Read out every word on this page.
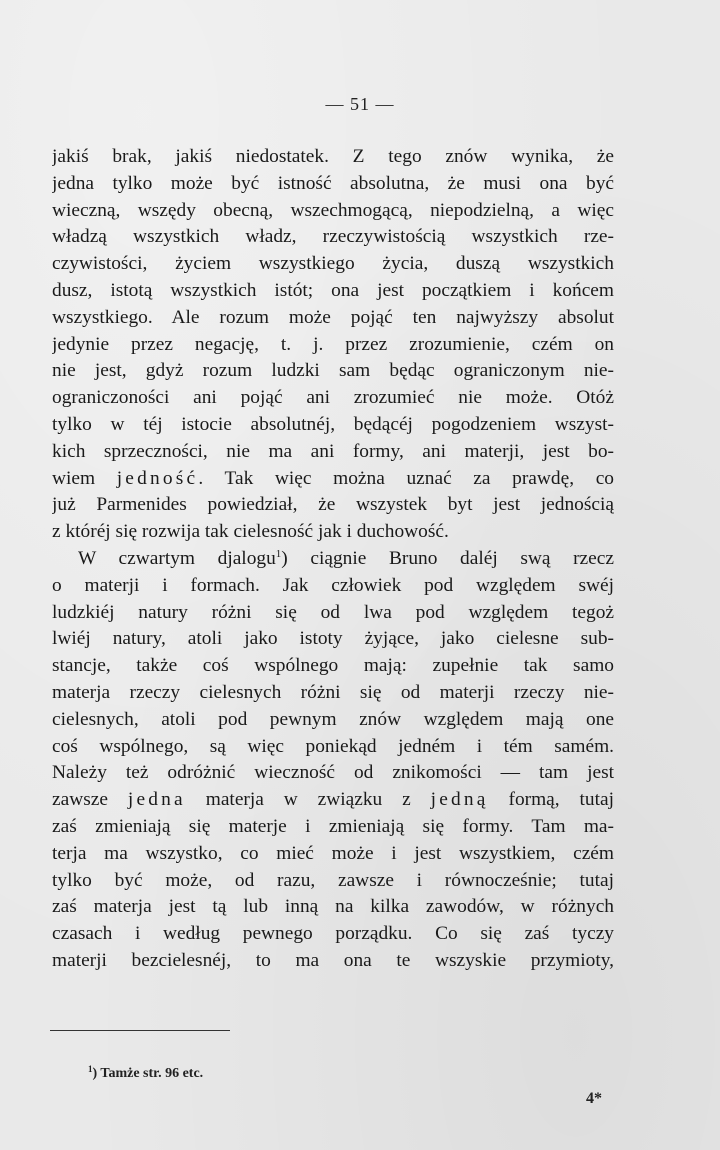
— 51 —
jakiś brak, jakiś niedostatek. Z tego znów wynika, że
jedna tylko może być istność absolutna, że musi ona być
wieczną, wszędy obecną, wszechmogącą, niepodzielną, a więc
władzą wszystkich władz, rzeczywistością wszystkich rze-
czywistości, życiem wszystkiego życia, duszą wszystkich
dusz, istotą wszystkich istót; ona jest początkiem i końcem
wszystkiego. Ale rozum może pojąć ten najwyższy absolut
jedynie przez negację, t. j. przez zrozumienie, czém on
nie jest, gdyż rozum ludzki sam będąc ograniczonym nie-
ograniczoności ani pojąć ani zrozumieć nie może. Otóż
tylko w téj istocie absolutnéj, będącéj pogodzeniem wszyst-
kich sprzeczności, nie ma ani formy, ani materji, jest bo-
wiem jedność. Tak więc można uznać za prawdę, co
już Parmenides powiedział, że wszystek byt jest jednością
z któréj się rozwija tak cielesność jak i duchowość.
W czwartym djalogu$^1$) ciągnie Bruno daléj swą rzecz
o materji i formach. Jak człowiek pod względem swéj
ludzkiéj natury różni się od lwa pod względem tegoż
lwiéj natury, atoli jako istoty żyjące, jako cielesne sub-
stancje, także coś wspólnego mają: zupełnie tak samo
materja rzeczy cielesnych różni się od materji rzeczy nie-
cielesnych, atoli pod pewnym znów względem mają one
coś wspólnego, są więc poniekąd jedném i tém samém.
Należy też odróżnić wieczność od znikomości — tam jest
zawsze jedna materja w związku z jedną formą, tutaj
zaś zmieniają się materje i zmieniają się formy. Tam ma-
terja ma wszystko, co mieć może i jest wszystkiem, czém
tylko być może, od razu, zawsze i równocześnie; tutaj
zaś materja jest tą lub inną na kilka zawodów, w różnych
czasach i według pewnego porządku. Co się zaś tyczy
materji bezcielesnéj, to ma ona te wszyskie przymioty,
$^1$) Tamże str. 96 etc.
4*
